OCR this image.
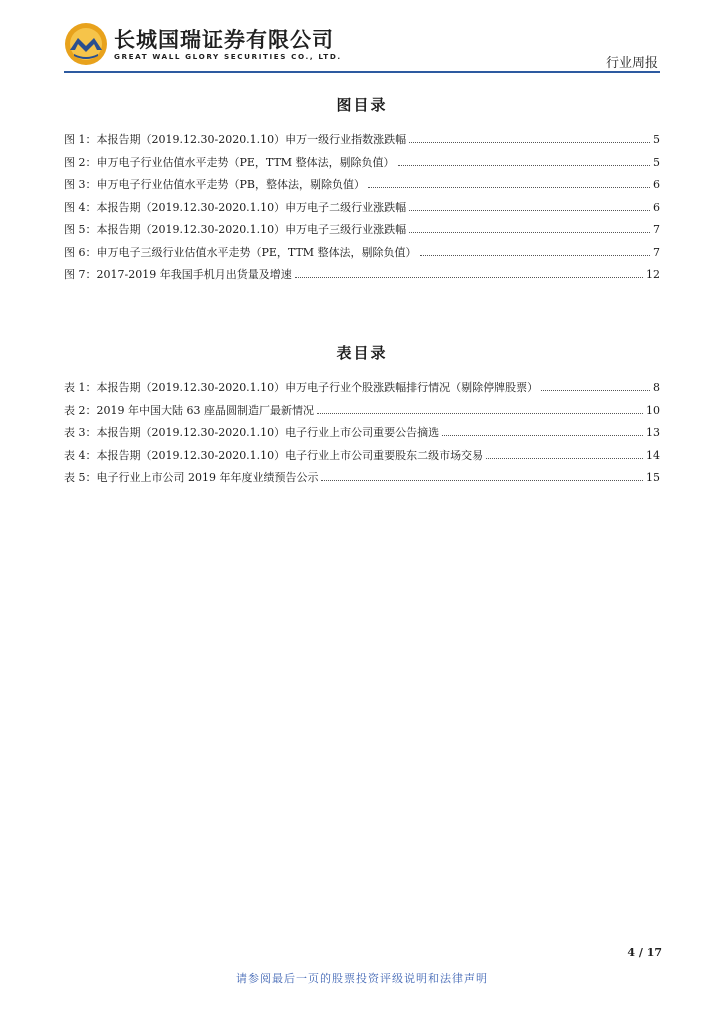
长城国瑞证券有限公司
GREAT WALL GLORY SECURITIES CO., LTD.	行业周报
图目录
图 1：本报告期（2019.12.30-2020.1.10）申万一级行业指数涨跌幅	5
图 2：申万电子行业估值水平走势（PE，TTM 整体法，剔除负值）	5
图 3：申万电子行业估值水平走势（PB，整体法，剔除负值）	6
图 4：本报告期（2019.12.30-2020.1.10）申万电子二级行业涨跌幅	6
图 5：本报告期（2019.12.30-2020.1.10）申万电子三级行业涨跌幅	7
图 6：申万电子三级行业估值水平走势（PE，TTM 整体法，剔除负值）	7
图 7：2017-2019 年我国手机月出货量及增速	12
表目录
表 1：本报告期（2019.12.30-2020.1.10）申万电子行业个股涨跌幅排行情况（剔除停牌股票）	8
表 2：2019 年中国大陆 63 座晶圆制造厂最新情况	10
表 3：本报告期（2019.12.30-2020.1.10）电子行业上市公司重要公告摘选	13
表 4：本报告期（2019.12.30-2020.1.10）电子行业上市公司重要股东二级市场交易	14
表 5：电子行业上市公司 2019 年年度业绩预告公示	15
4 / 17
请参阅最后一页的股票投资评级说明和法律声明
